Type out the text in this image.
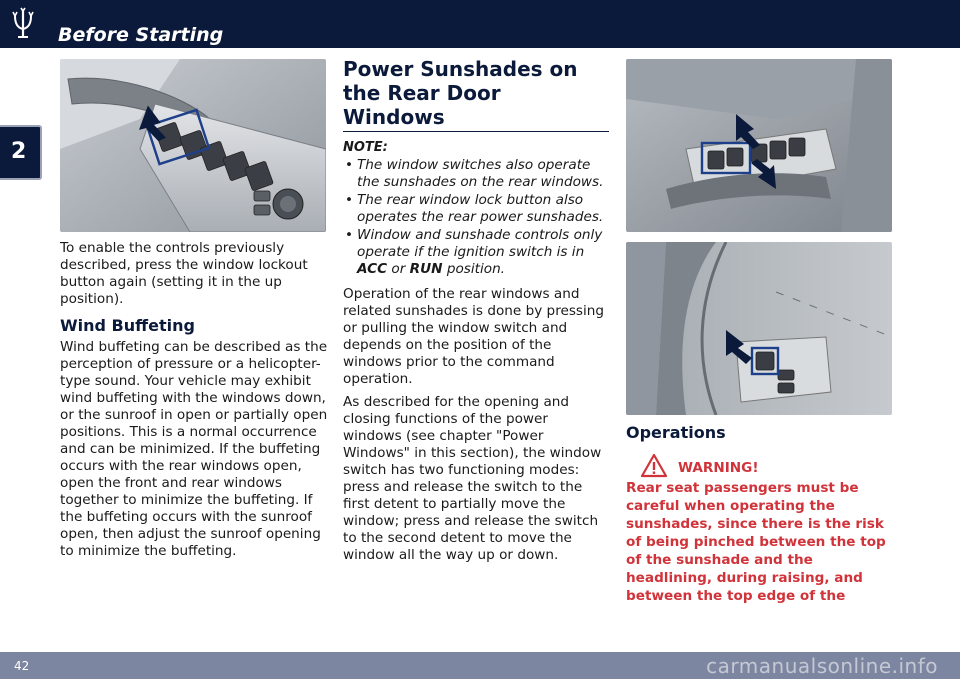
Before Starting
2

To enable the controls previously described, press the window lockout button again (setting it in the up position).

Wind Buffeting

Wind buffeting can be described as the perception of pressure or a helicopter-type sound. Your vehicle may exhibit wind buffeting with the windows down, or the sunroof in open or partially open positions. This is a normal occurrence and can be minimized. If the buffeting occurs with the rear windows open, open the front and rear windows together to minimize the buffeting. If the buffeting occurs with the sunroof open, then adjust the sunroof opening to minimize the buffeting.

Power Sunshades on the Rear Door Windows
NOTE:
• The window switches also operate the sunshades on the rear windows.
• The rear window lock button also operates the rear power sunshades.
• Window and sunshade controls only operate if the ignition switch is in ACC or RUN position.

Operation of the rear windows and related sunshades is done by pressing or pulling the window switch and depends on the position of the windows prior to the command operation.

As described for the opening and closing functions of the power windows (see chapter "Power Windows" in this section), the window switch has two functioning modes: press and release the switch to the first detent to partially move the window; press and release the switch to the second detent to move the window all the way up or down.

Operations
WARNING!

Rear seat passengers must be careful when operating the sunshades, since there is the risk of being pinched between the top of the sunshade and the headlining, during raising, and between the top edge of the

42	carmanualsonline.info
